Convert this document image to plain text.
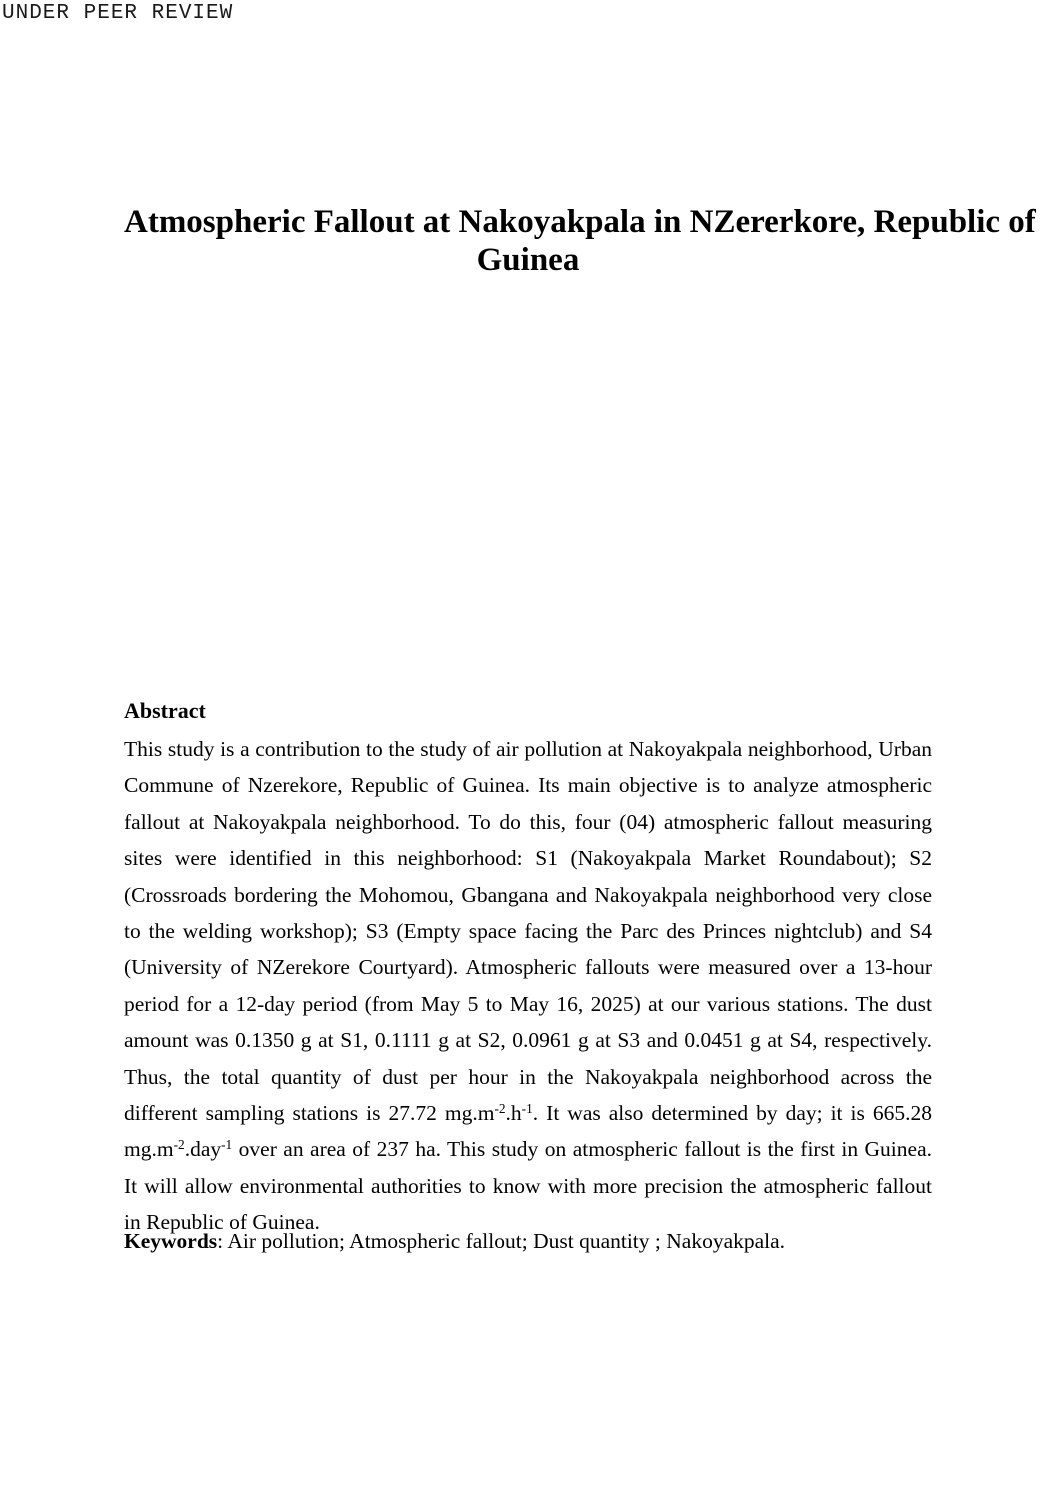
UNDER PEER REVIEW
Atmospheric Fallout at Nakoyakpala in NZererkore, Republic of
Guinea
Abstract

This study is a contribution to the study of air pollution at Nakoyakpala neighborhood, Urban Commune of Nzerekore, Republic of Guinea. Its main objective is to analyze atmospheric fallout at Nakoyakpala neighborhood. To do this, four (04) atmospheric fallout measuring sites were identified in this neighborhood: S1 (Nakoyakpala Market Roundabout); S2 (Crossroads bordering the Mohomou, Gbangana and Nakoyakpala neighborhood very close to the welding workshop); S3 (Empty space facing the Parc des Princes nightclub) and S4 (University of NZerekore Courtyard). Atmospheric fallouts were measured over a 13-hour period for a 12-day period (from May 5 to May 16, 2025) at our various stations. The dust amount was 0.1350 g at S1, 0.1111 g at S2, 0.0961 g at S3 and 0.0451 g at S4, respectively. Thus, the total quantity of dust per hour in the Nakoyakpala neighborhood across the different sampling stations is 27.72 $mg.m^{-2}.h^{-1}$. It was also determined by day; it is 665.28 $mg.m^{-2}.day^{-1}$ over an area of 237 ha. This study on atmospheric fallout is the first in Guinea. It will allow environmental authorities to know with more precision the atmospheric fallout in Republic of Guinea.

Keywords: Air pollution; Atmospheric fallout; Dust quantity ; Nakoyakpala.
